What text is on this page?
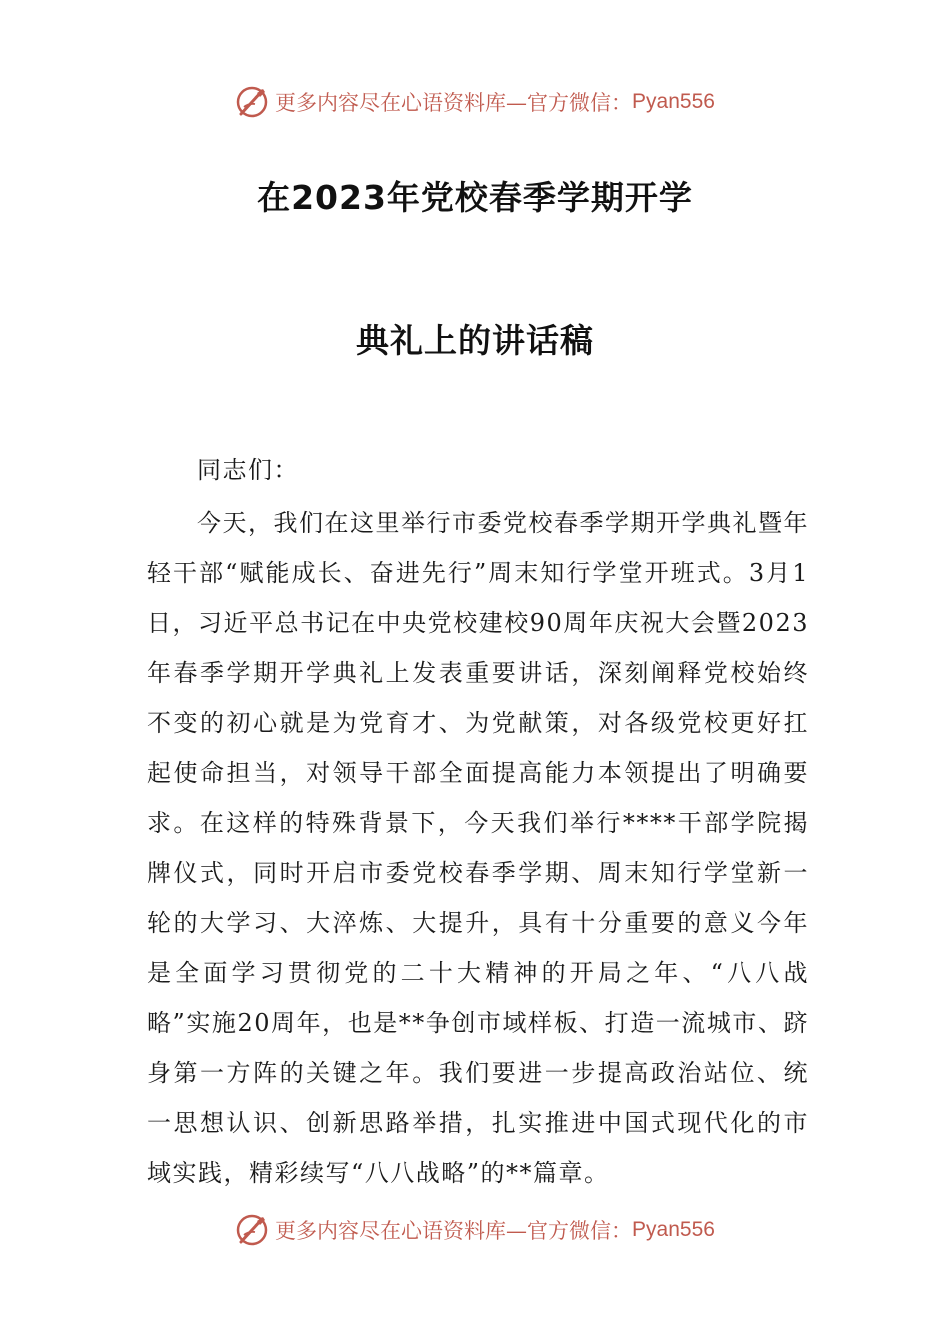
更多内容尽在心语资料库—官方微信： Pyan556
在2023年党校春季学期开学
典礼上的讲话稿

同志们：

今天，我们在这里举行市委党校春季学期开学典礼暨年轻干部“赋能成长、奋进先行”周末知行学堂开班式。3月1日，习近平总书记在中央党校建校90周年庆祝大会暨2023年春季学期开学典礼上发表重要讲话，深刻阐释党校始终不变的初心就是为党育才、为党献策，对各级党校更好扛起使命担当，对领导干部全面提高能力本领提出了明确要求。在这样的特殊背景下，今天我们举行****干部学院揭牌仪式，同时开启市委党校春季学期、周末知行学堂新一轮的大学习、大淬炼、大提升，具有十分重要的意义今年是全面学习贯彻党的二十大精神的开局之年、“八八战略”实施20周年，也是**争创市域样板、打造一流城市、跻身第一方阵的关键之年。我们要进一步提高政治站位、统一思想认识、创新思路举措，扎实推进中国式现代化的市域实践，精彩续写“八八战略”的**篇章。

更多内容尽在心语资料库—官方微信： Pyan556
